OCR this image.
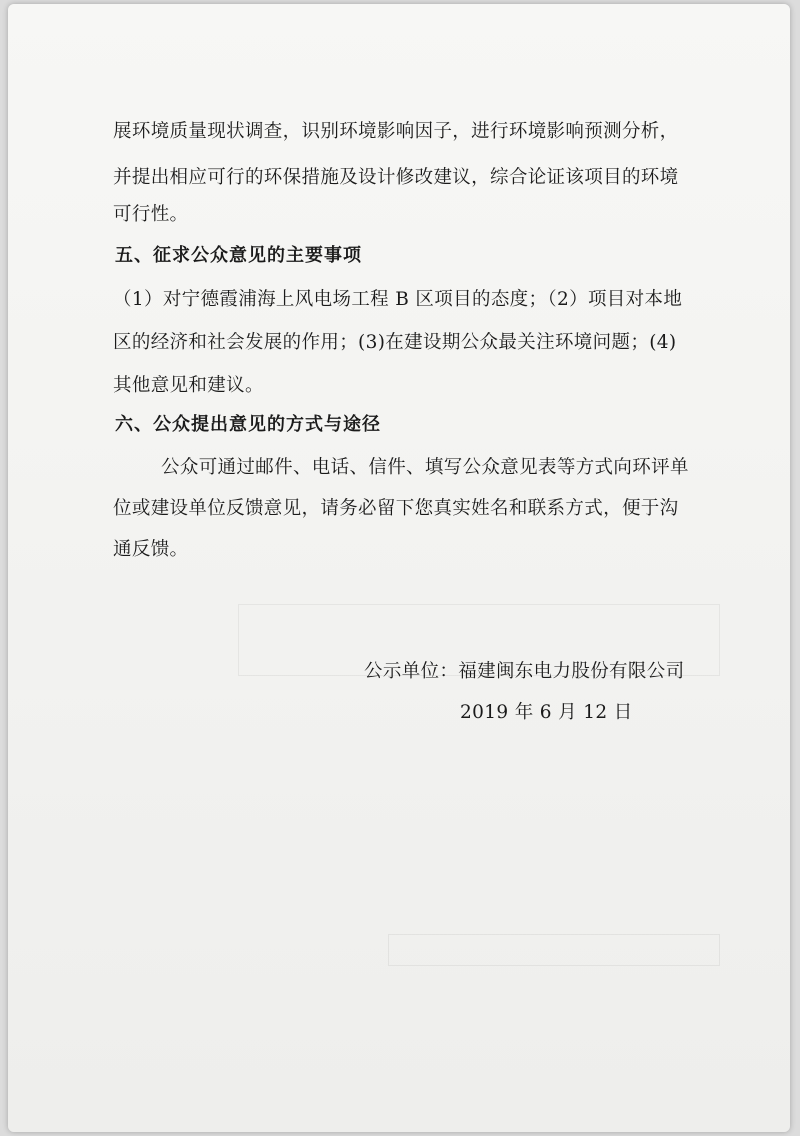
展环境质量现状调查，识别环境影响因子，进行环境影响预测分析，
并提出相应可行的环保措施及设计修改建议，综合论证该项目的环境
可行性。
五、征求公众意见的主要事项
（1）对宁德霞浦海上风电场工程 B 区项目的态度；（2）项目对本地
区的经济和社会发展的作用；(3)在建设期公众最关注环境问题；(4)
其他意见和建议。
六、公众提出意见的方式与途径
公众可通过邮件、电话、信件、填写公众意见表等方式向环评单
位或建设单位反馈意见，请务必留下您真实姓名和联系方式，便于沟
通反馈。
公示单位：福建闽东电力股份有限公司
2019 年 6 月 12 日
